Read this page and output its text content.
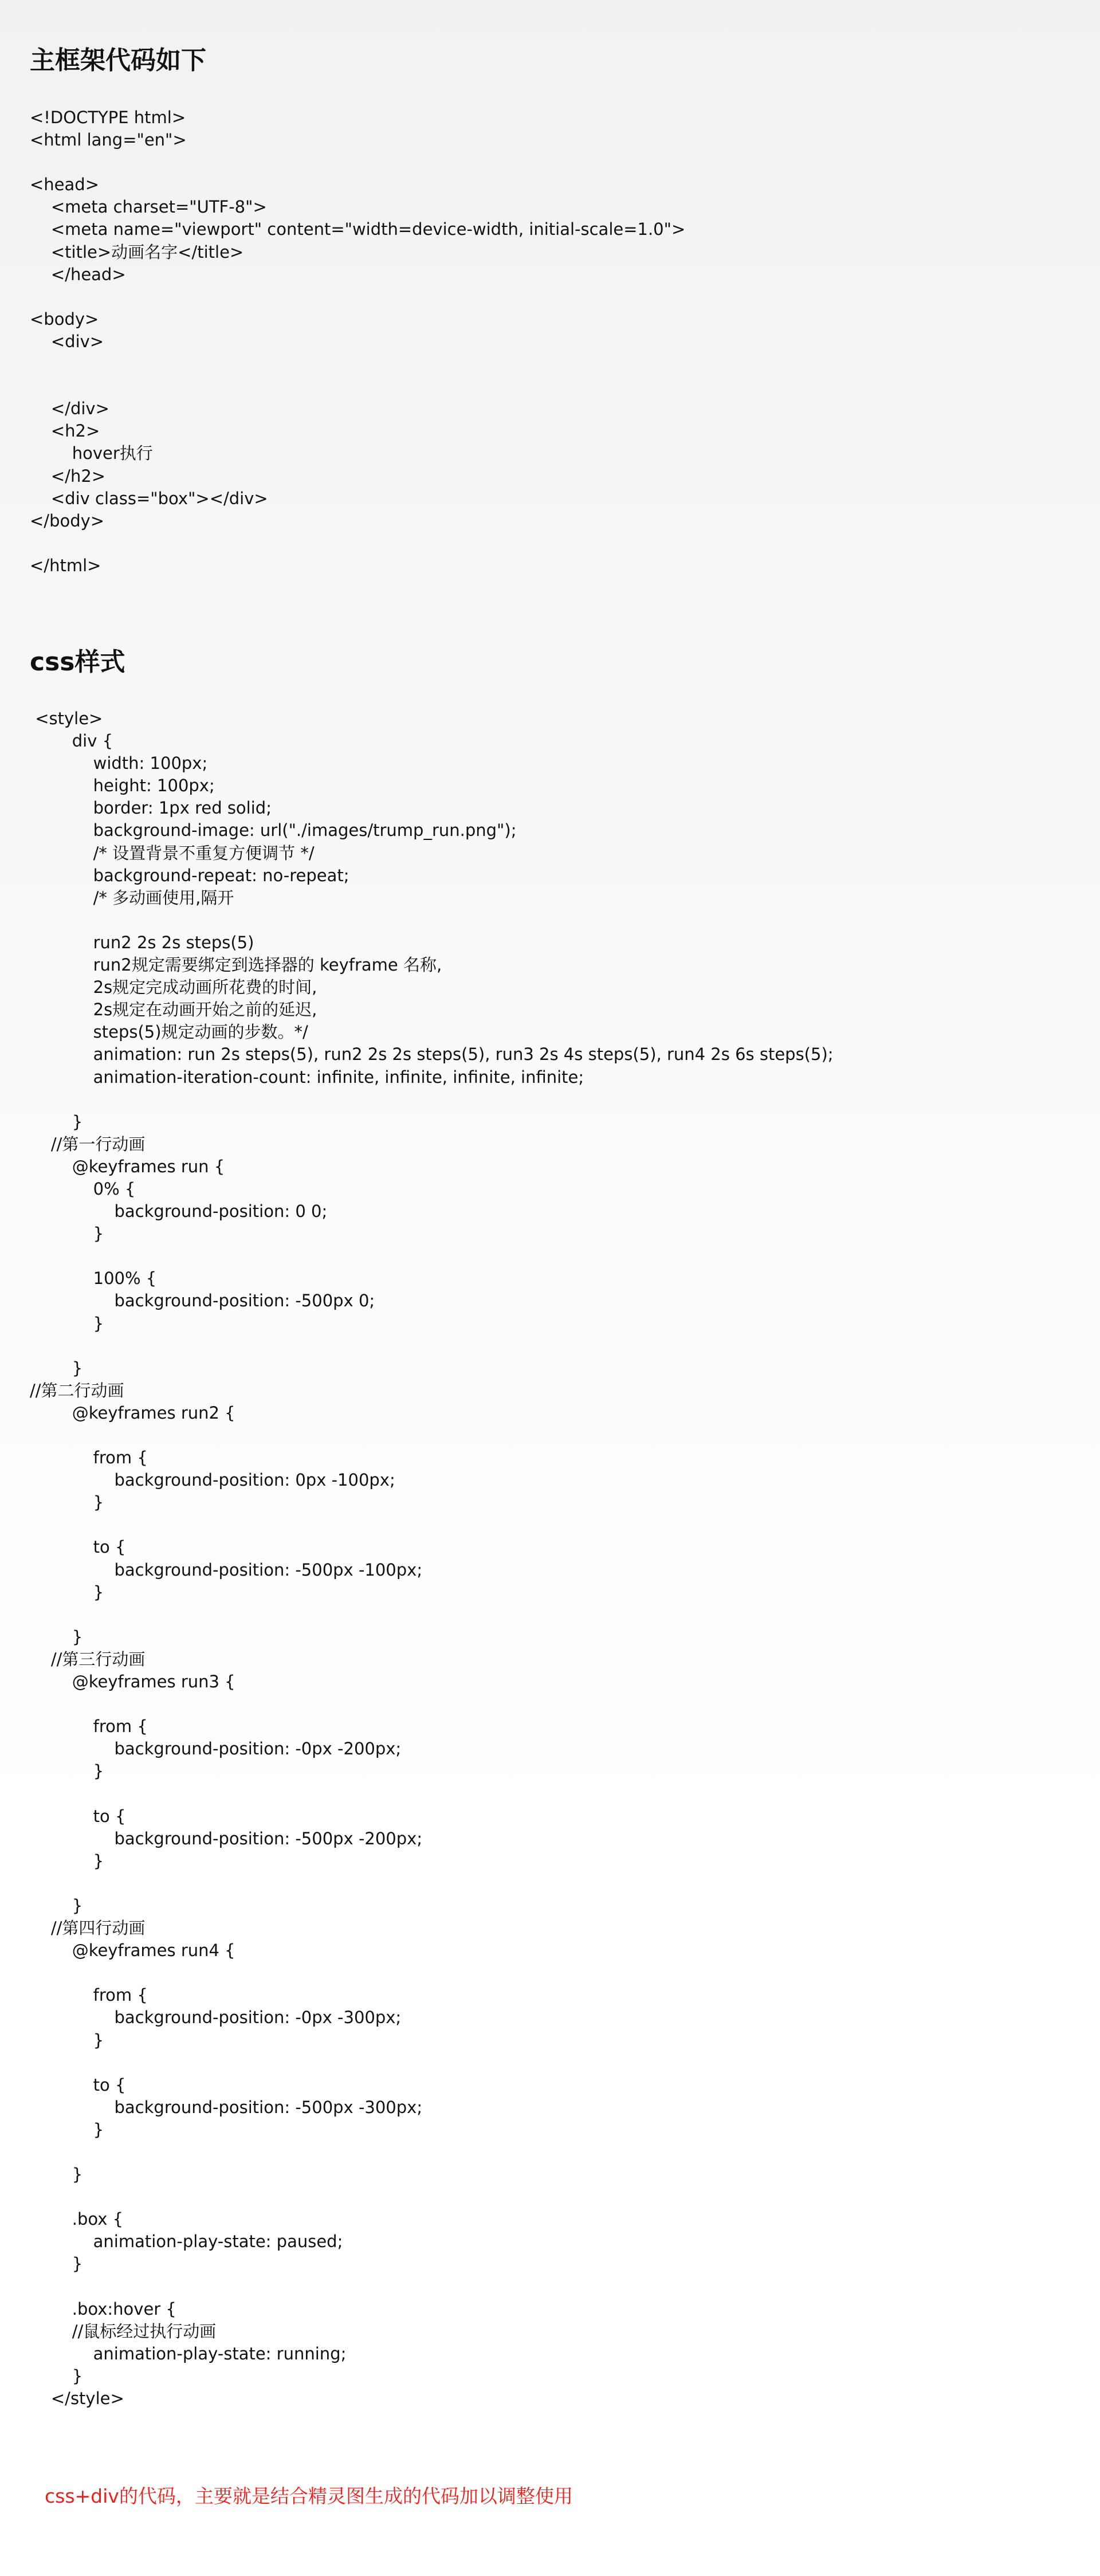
主框架代码如下
<!DOCTYPE html>
<html lang="en">
<head>
<meta charset="UTF-8">
<meta name="viewport" content="width=device-width, initial-scale=1.0">
<title>动画名字</title>
</head>
<body>
<div>
</div>
<h2>
hover执行
</h2>
<div class="box"></div>
</body>
</html>
css样式
<style>
div {
width: 100px;
height: 100px;
border: 1px red solid;
background-image: url("./images/trump_run.png");
/* 设置背景不重复方便调节 */
background-repeat: no-repeat;
/* 多动画使用,隔开
run2 2s 2s steps(5)
run2规定需要绑定到选择器的 keyframe 名称,
2s规定完成动画所花费的时间,
2s规定在动画开始之前的延迟,
steps(5)规定动画的步数。*/
animation: run 2s steps(5), run2 2s 2s steps(5), run3 2s 4s steps(5), run4 2s 6s steps(5);
animation-iteration-count: infinite, infinite, infinite, infinite;
}
//第一行动画
@keyframes run {
0% {
background-position: 0 0;
}
100% {
background-position: -500px 0;
}
}
//第二行动画
@keyframes run2 {
from {
background-position: 0px -100px;
}
to {
background-position: -500px -100px;
}
}
//第三行动画
@keyframes run3 {
from {
background-position: -0px -200px;
}
to {
background-position: -500px -200px;
}
}
//第四行动画
@keyframes run4 {
from {
background-position: -0px -300px;
}
to {
background-position: -500px -300px;
}
}
.box {
animation-play-state: paused;
}
.box:hover {
//鼠标经过执行动画
animation-play-state: running;
}
</style>
css+div的代码，主要就是结合精灵图生成的代码加以调整使用
